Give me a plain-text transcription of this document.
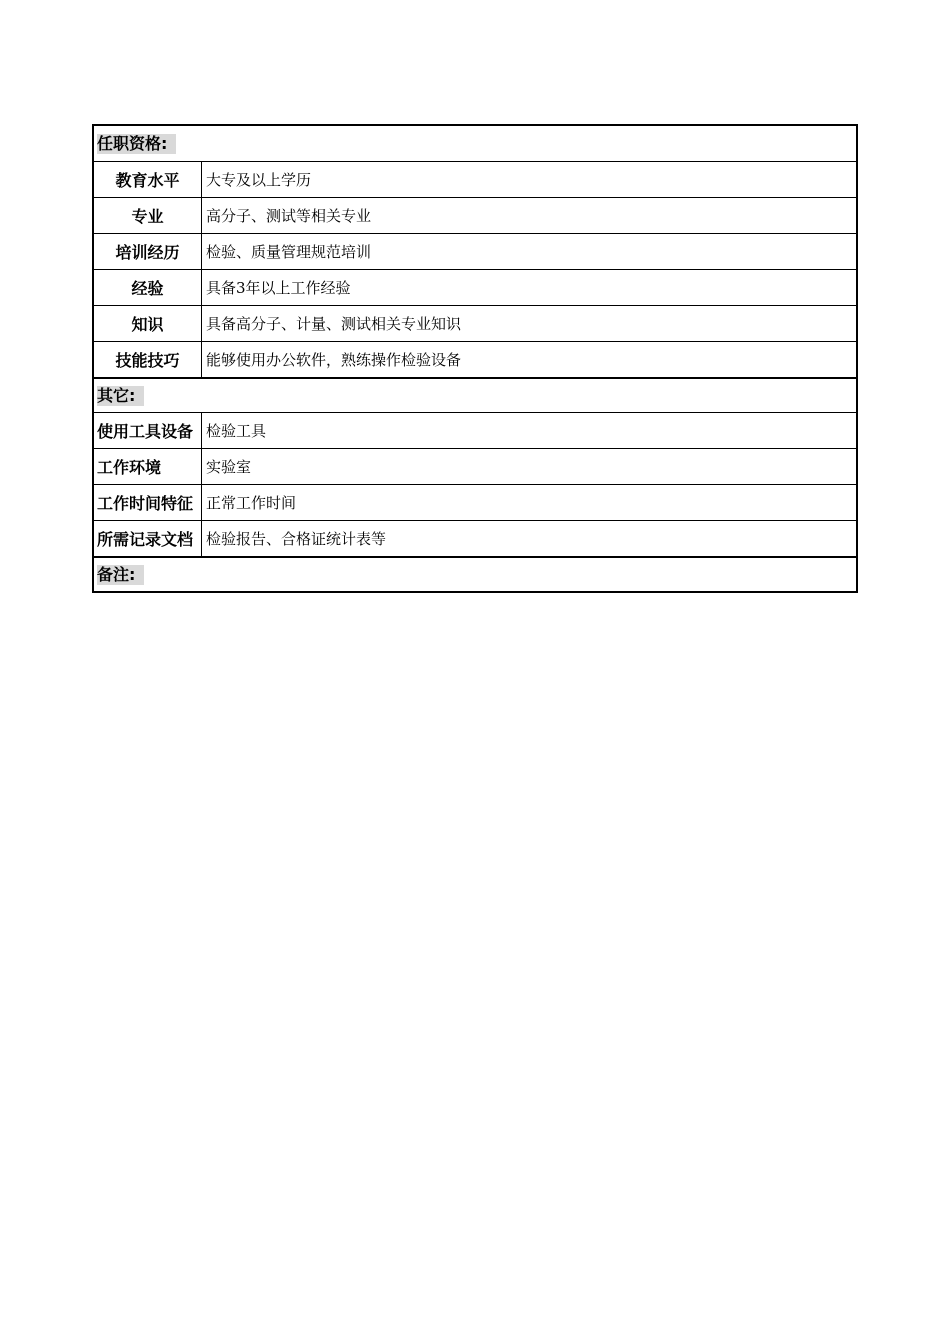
任职资格:
教育水平	大专及以上学历
专业	高分子、测试等相关专业
培训经历	检验、质量管理规范培训
经验	具备3年以上工作经验
知识	具备高分子、计量、测试相关专业知识
技能技巧	能够使用办公软件，熟练操作检验设备
其它:
使用工具设备 检验工具
工作环境	实验室
工作时间特征 正常工作时间
所需记录文档 检验报告、合格证统计表等
备注:
